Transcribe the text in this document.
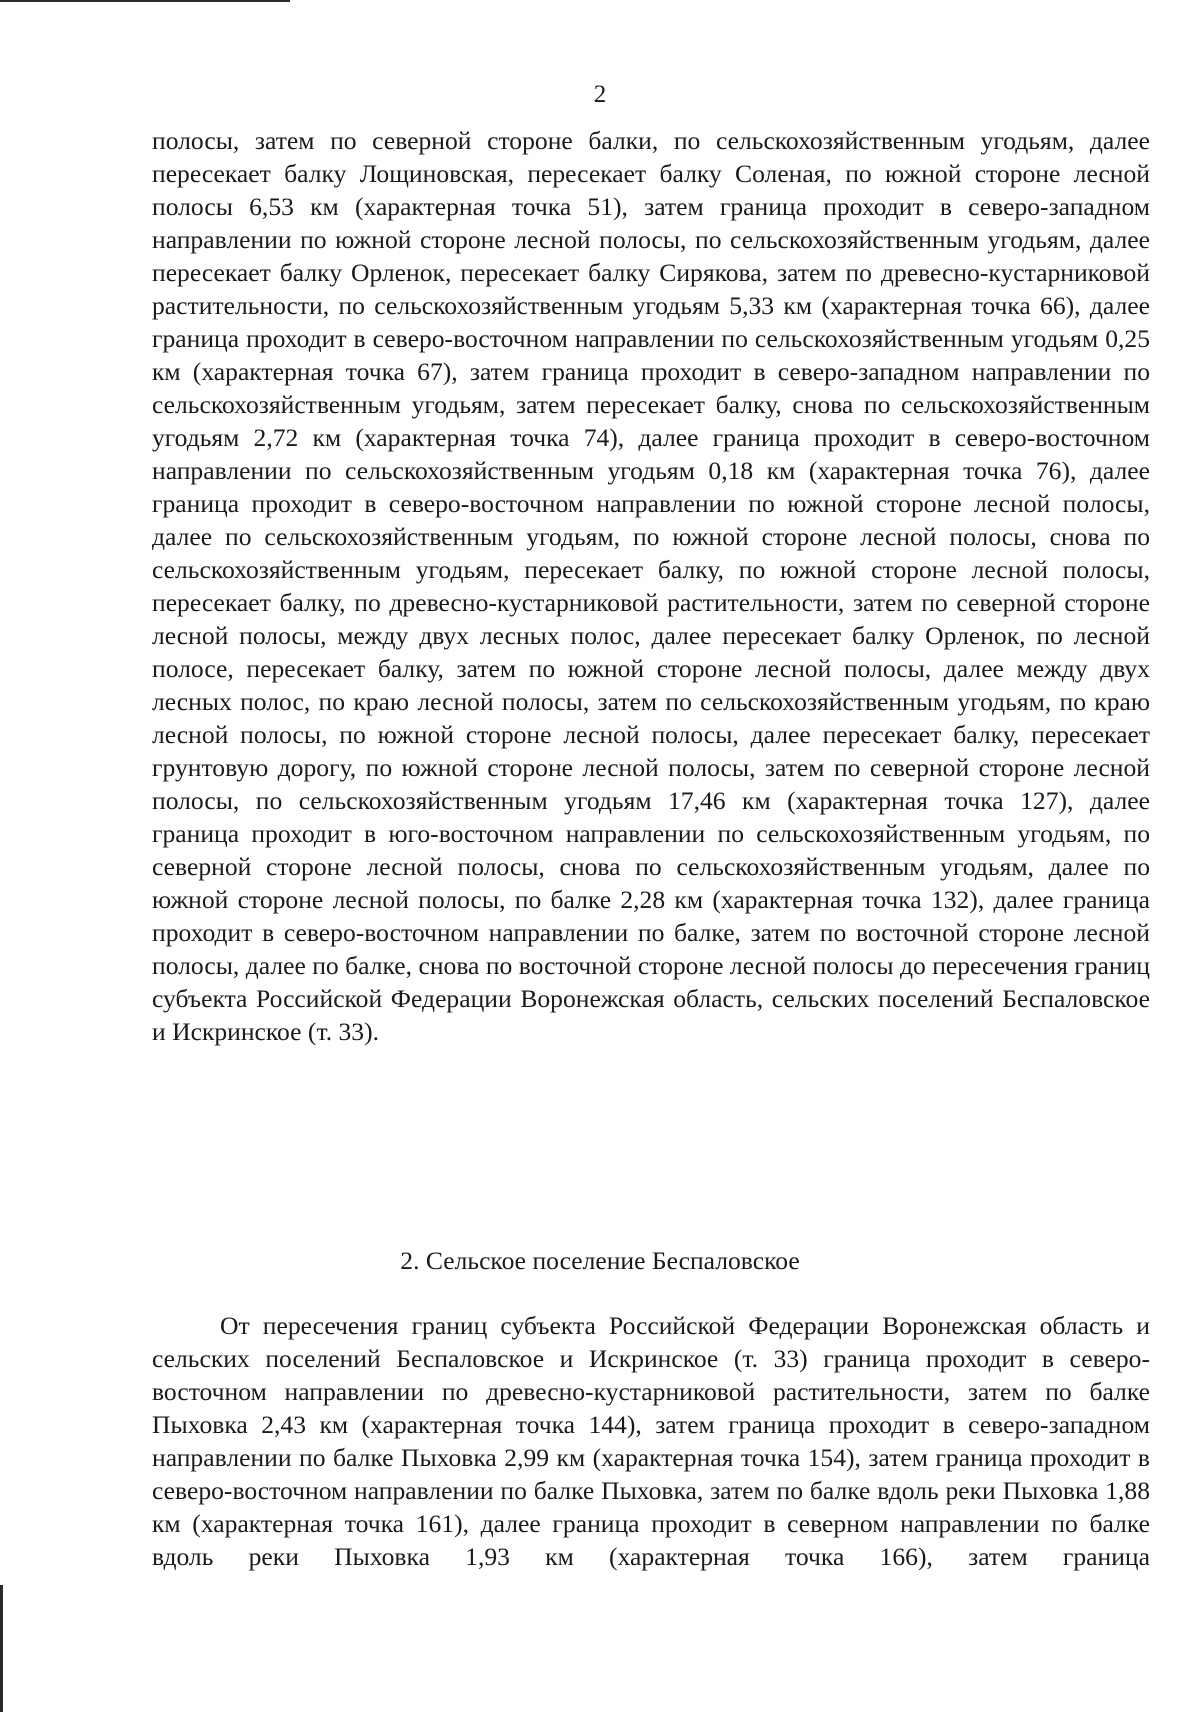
2

полосы, затем по северной стороне балки, по сельскохозяйственным угодьям, далее пересекает балку Лощиновская, пересекает балку Соленая, по южной стороне лесной полосы 6,53 км (характерная точка 51), затем граница проходит в северо-западном направлении по южной стороне лесной полосы, по сельскохозяйственным угодьям, далее пересекает балку Орленок, пересекает балку Сирякова, затем по древесно-кустарниковой растительности, по сельскохозяйственным угодьям 5,33 км (характерная точка 66), далее граница проходит в северо-восточном направлении по сельскохозяйственным угодьям 0,25 км (характерная точка 67), затем граница проходит в северо-западном направлении по сельскохозяйственным угодьям, затем пересекает балку, снова по сельскохозяйственным угодьям 2,72 км (характерная точка 74), далее граница проходит в северо-восточном направлении по сельскохозяйственным угодьям 0,18 км (характерная точка 76), далее граница проходит в северо-восточном направлении по южной стороне лесной полосы, далее по сельскохозяйственным угодьям, по южной стороне лесной полосы, снова по сельскохозяйственным угодьям, пересекает балку, по южной стороне лесной полосы, пересекает балку, по древесно-кустарниковой растительности, затем по северной стороне лесной полосы, между двух лесных полос, далее пересекает балку Орленок, по лесной полосе, пересекает балку, затем по южной стороне лесной полосы, далее между двух лесных полос, по краю лесной полосы, затем по сельскохозяйственным угодьям, по краю лесной полосы, по южной стороне лесной полосы, далее пересекает балку, пересекает грунтовую дорогу, по южной стороне лесной полосы, затем по северной стороне лесной полосы, по сельскохозяйственным угодьям 17,46 км (характерная точка 127), далее граница проходит в юго-восточном направлении по сельскохозяйственным угодьям, по северной стороне лесной полосы, снова по сельскохозяйственным угодьям, далее по южной стороне лесной полосы, по балке 2,28 км (характерная точка 132), далее граница проходит в северо-восточном направлении по балке, затем по восточной стороне лесной полосы, далее по балке, снова по восточной стороне лесной полосы до пересечения границ субъекта Российской Федерации Воронежская область, сельских поселений Беспаловское и Искринское (т. 33).

2. Сельское поселение Беспаловское

От пересечения границ субъекта Российской Федерации Воронежская область и сельских поселений Беспаловское и Искринское (т. 33) граница проходит в северо-восточном направлении по древесно-кустарниковой растительности, затем по балке Пыховка 2,43 км (характерная точка 144), затем граница проходит в северо-западном направлении по балке Пыховка 2,99 км (характерная точка 154), затем граница проходит в северо-восточном направлении по балке Пыховка, затем по балке вдоль реки Пыховка 1,88 км (характерная точка 161), далее граница проходит в северном направлении по балке вдоль реки Пыховка 1,93 км (характерная точка 166), затем граница
